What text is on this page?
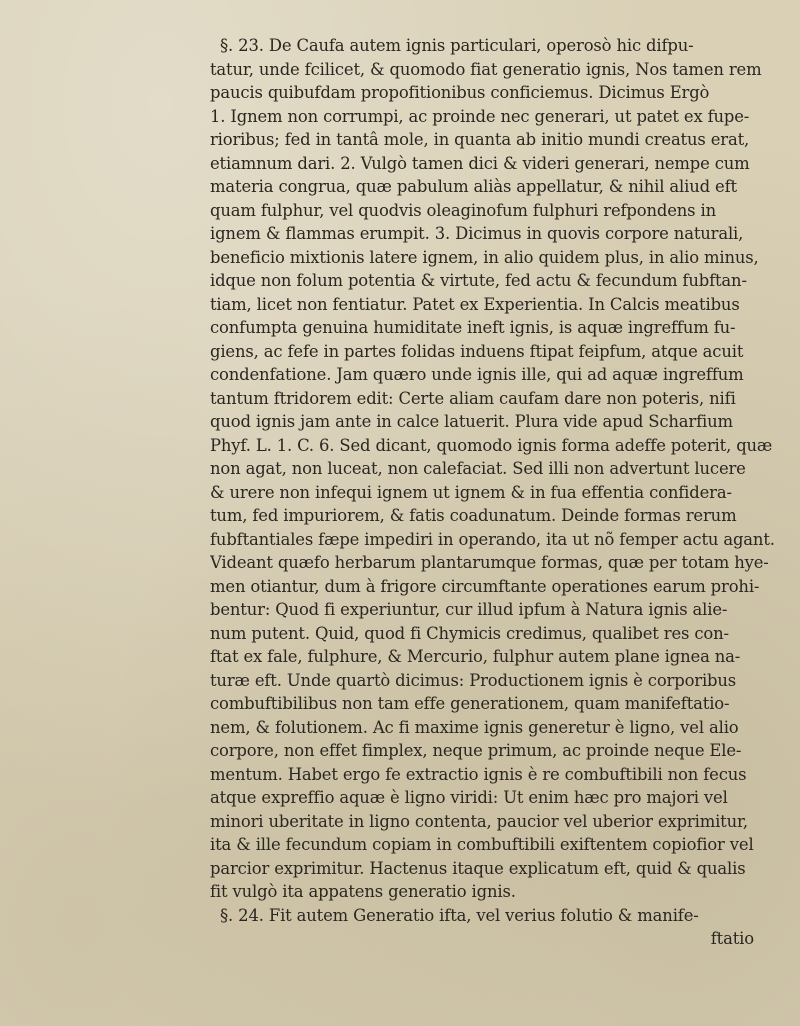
§. 23. De Caufa autem ignis particulari, operosò hic difpu-
tatur, unde fcilicet, & quomodo fiat generatio ignis, Nos tamen rem
paucis quibufdam propofitionibus conficiemus. Dicimus Ergò
1. Ignem non corrumpi, ac proinde nec generari, ut patet ex fupe-
rioribus; fed in tantâ mole, in quanta ab initio mundi creatus erat,
etiamnum dari. 2. Vulgò tamen dici & videri generari, nempe cum
materia congrua, quæ pabulum aliàs appellatur, & nihil aliud eft
quam fulphur, vel quodvis oleaginofum fulphuri refpondens in
ignem & flammas erumpit. 3. Dicimus in quovis corpore naturali,
beneficio mixtionis latere ignem, in alio quidem plus, in alio minus,
idque non folum potentia & virtute, fed actu & fecundum fubftan-
tiam, licet non fentiatur. Patet ex Experientia. In Calcis meatibus
confumpta genuina humiditate ineft ignis, is aquæ ingreffum fu-
giens, ac fefe in partes folidas induens ftipat feipfum, atque acuit
condenfatione. Jam quæro unde ignis ille, qui ad aquæ ingreffum
tantum ftridorem edit: Certe aliam caufam dare non poteris, nifi
quod ignis jam ante in calce latuerit. Plura vide apud Scharfium
Phyf. L. 1. C. 6. Sed dicant, quomodo ignis forma adeffe poterit, quæ
non agat, non luceat, non calefaciat. Sed illi non advertunt lucere
& urere non infequi ignem ut ignem & in fua effentia confidera-
tum, fed impuriorem, & fatis coadunatum. Deinde formas rerum
fubftantiales fæpe impediri in operando, ita ut nõ femper actu agant.
Videant quæfo herbarum plantarumque formas, quæ per totam hye-
men otiantur, dum à frigore circumftante operationes earum prohi-
bentur: Quod fi experiuntur, cur illud ipfum à Natura ignis alie-
num putent. Quid, quod fi Chymicis credimus, qualibet res con-
ftat ex fale, fulphure, & Mercurio, fulphur autem plane ignea na-
turæ eft. Unde quartò dicimus: Productionem ignis è corporibus
combuftibilibus non tam effe generationem, quam manifeftatio-
nem, & folutionem. Ac fi maxime ignis generetur è ligno, vel alio
corpore, non effet fimplex, neque primum, ac proinde neque Ele-
mentum. Habet ergo fe extractio ignis è re combuftibili non fecus
atque expreffio aquæ è ligno viridi: Ut enim hæc pro majori vel
minori uberitate in ligno contenta, paucior vel uberior exprimitur,
ita & ille fecundum copiam in combuftibili exiftentem copiofior vel
parcior exprimitur. Hactenus itaque explicatum eft, quid & qualis
fit vulgò ita appatens generatio ignis.
§. 24. Fit autem Generatio ifta, vel verius folutio & manife-
ftatio
